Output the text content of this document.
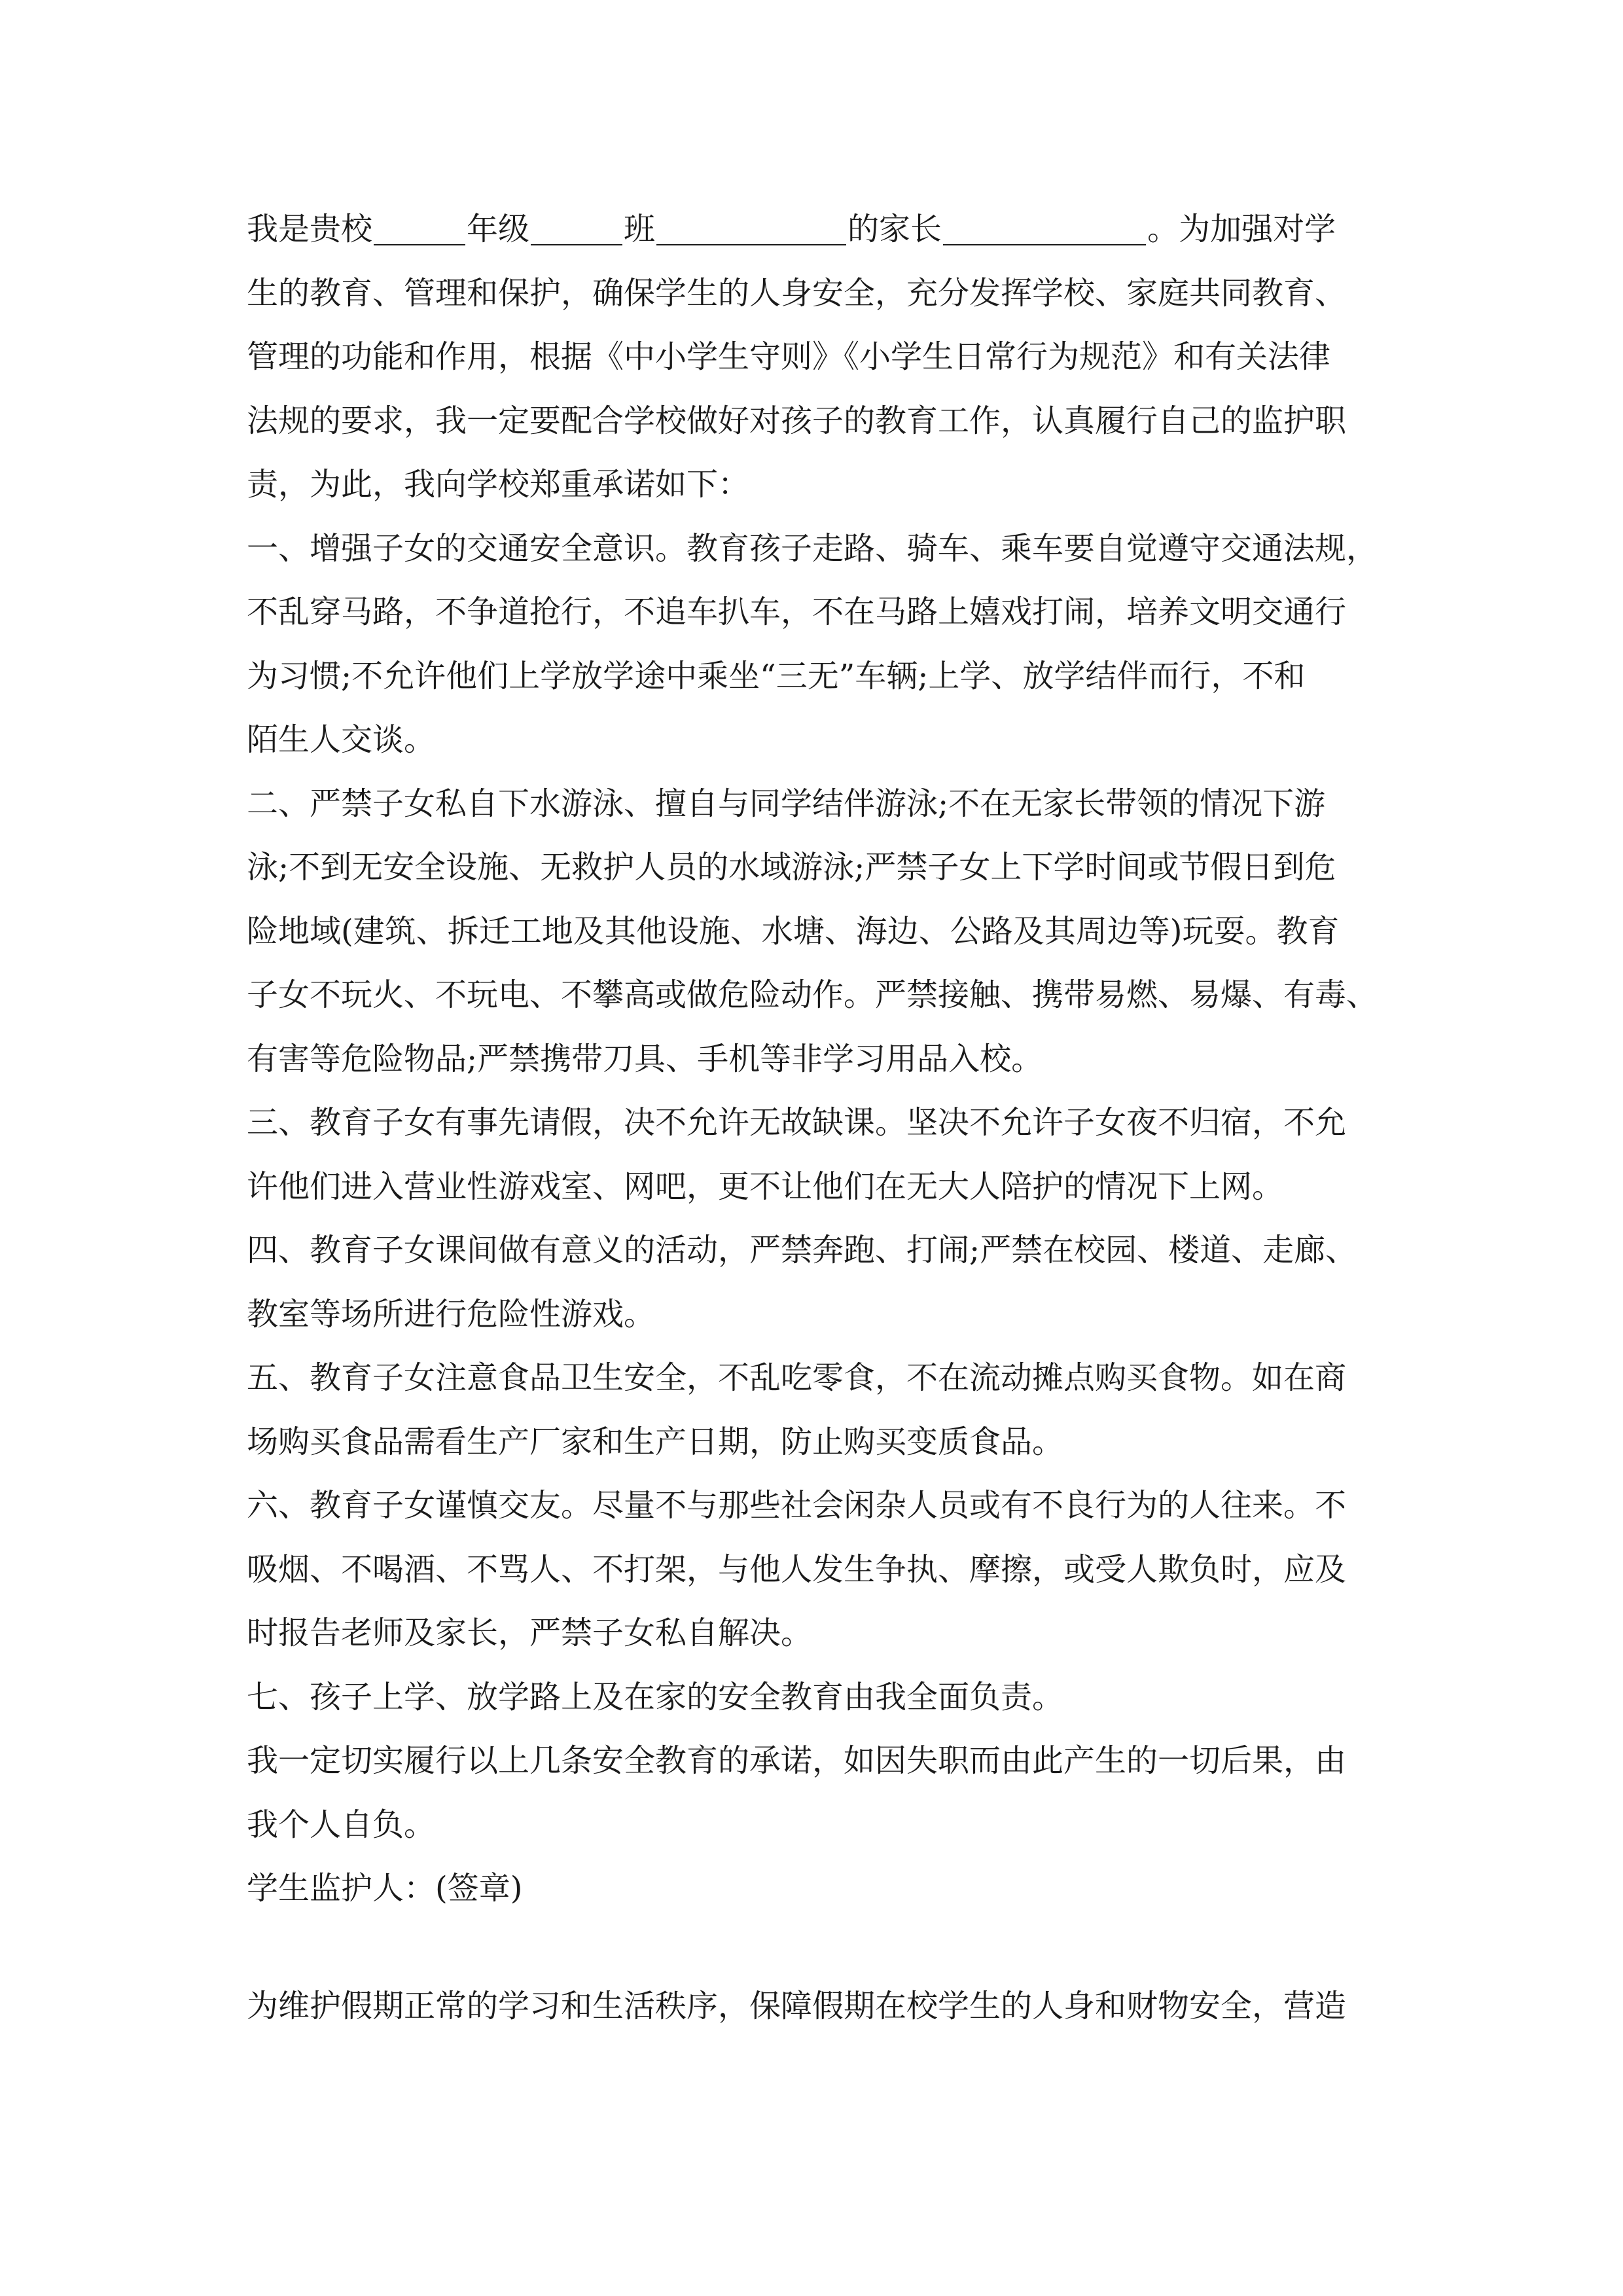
我是贵校	年级	班	的家长	。为加强对学
生的教育、管理和保护，确保学生的人身安全，充分发挥学校、家庭共同教育、
管理的功能和作用，根据《中小学生守则》《小学生日常行为规范》和有关法律
法规的要求，我一定要配合学校做好对孩子的教育工作，认真履行自己的监护职
责，为此，我向学校郑重承诺如下：
一、增强子女的交通安全意识。教育孩子走路、骑车、乘车要自觉遵守交通法规，
不乱穿马路，不争道抢行，不追车扒车，不在马路上嬉戏打闹，培养文明交通行
为习惯;不允许他们上学放学途中乘坐“三无”车辆;上学、放学结伴而行，不和
陌生人交谈。
二、严禁子女私自下水游泳、擅自与同学结伴游泳;不在无家长带领的情况下游
泳;不到无安全设施、无救护人员的水域游泳;严禁子女上下学时间或节假日到危
险地域(建筑、拆迁工地及其他设施、水塘、海边、公路及其周边等)玩耍。教育
子女不玩火、不玩电、不攀高或做危险动作。严禁接触、携带易燃、易爆、有毒、
有害等危险物品;严禁携带刀具、手机等非学习用品入校。
三、教育子女有事先请假，决不允许无故缺课。坚决不允许子女夜不归宿，不允
许他们进入营业性游戏室、网吧，更不让他们在无大人陪护的情况下上网。
四、教育子女课间做有意义的活动，严禁奔跑、打闹;严禁在校园、楼道、走廊、
教室等场所进行危险性游戏。
五、教育子女注意食品卫生安全，不乱吃零食，不在流动摊点购买食物。如在商
场购买食品需看生产厂家和生产日期，防止购买变质食品。
六、教育子女谨慎交友。尽量不与那些社会闲杂人员或有不良行为的人往来。不
吸烟、不喝酒、不骂人、不打架，与他人发生争执、摩擦，或受人欺负时，应及
时报告老师及家长，严禁子女私自解决。
七、孩子上学、放学路上及在家的安全教育由我全面负责。
我一定切实履行以上几条安全教育的承诺，如因失职而由此产生的一切后果，由
我个人自负。
学生监护人：(签章)
为维护假期正常的学习和生活秩序，保障假期在校学生的人身和财物安全，营造
